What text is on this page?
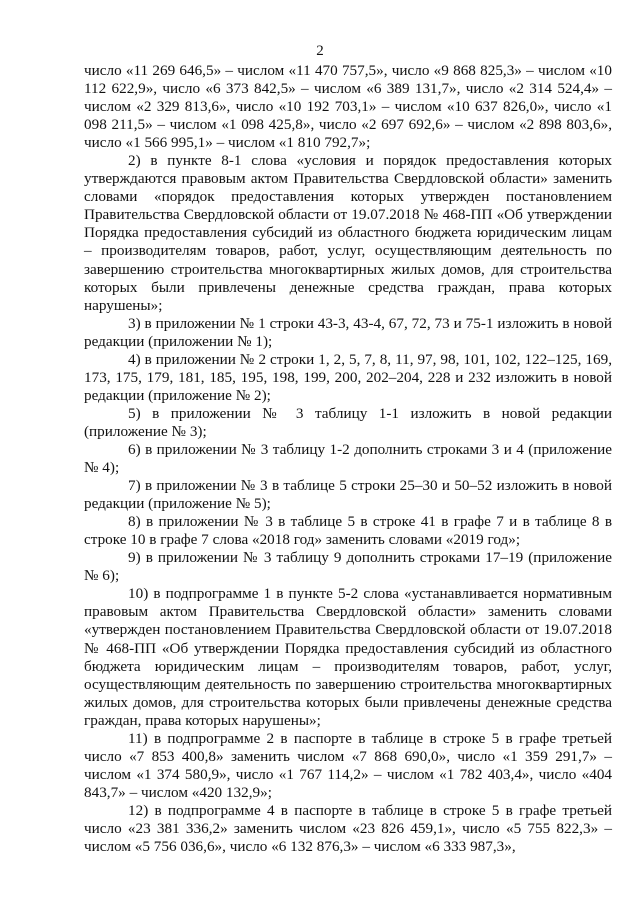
2

число «11 269 646,5» – числом «11 470 757,5», число «9 868 825,3» – числом «10 112 622,9», число «6 373 842,5» – числом «6 389 131,7», число «2 314 524,4» – числом «2 329 813,6», число «10 192 703,1» – числом «10 637 826,0», число «1 098 211,5» – числом «1 098 425,8», число «2 697 692,6» – числом «2 898 803,6», число «1 566 995,1» – числом «1 810 792,7»;

2) в пункте 8-1 слова «условия и порядок предоставления которых утверждаются правовым актом Правительства Свердловской области» заменить словами «порядок предоставления которых утвержден постановлением Правительства Свердловской области от 19.07.2018 № 468-ПП «Об утверждении Порядка предоставления субсидий из областного бюджета юридическим лицам – производителям товаров, работ, услуг, осуществляющим деятельность по завершению строительства многоквартирных жилых домов, для строительства которых были привлечены денежные средства граждан, права которых нарушены»;

3) в приложении № 1 строки 43-3, 43-4, 67, 72, 73 и 75-1 изложить в новой редакции (приложении № 1);

4) в приложении № 2 строки 1, 2, 5, 7, 8, 11, 97, 98, 101, 102, 122–125, 169, 173, 175, 179, 181, 185, 195, 198, 199, 200, 202–204, 228 и 232 изложить в новой редакции (приложение № 2);

5) в приложении № 3 таблицу 1-1 изложить в новой редакции (приложение № 3);

6) в приложении № 3 таблицу 1-2 дополнить строками 3 и 4 (приложение № 4);

7) в приложении № 3 в таблице 5 строки 25–30 и 50–52 изложить в новой редакции (приложение № 5);

8) в приложении № 3 в таблице 5 в строке 41 в графе 7 и в таблице 8 в строке 10 в графе 7 слова «2018 год» заменить словами «2019 год»;

9) в приложении № 3 таблицу 9 дополнить строками 17–19 (приложение № 6);

10) в подпрограмме 1 в пункте 5-2 слова «устанавливается нормативным правовым актом Правительства Свердловской области» заменить словами «утвержден постановлением Правительства Свердловской области от 19.07.2018 № 468-ПП «Об утверждении Порядка предоставления субсидий из областного бюджета юридическим лицам – производителям товаров, работ, услуг, осуществляющим деятельность по завершению строительства многоквартирных жилых домов, для строительства которых были привлечены денежные средства граждан, права которых нарушены»;

11) в подпрограмме 2 в паспорте в таблице в строке 5 в графе третьей число «7 853 400,8» заменить числом «7 868 690,0», число «1 359 291,7» – числом «1 374 580,9», число «1 767 114,2» – числом «1 782 403,4», число «404 843,7» – числом «420 132,9»;

12) в подпрограмме 4 в паспорте в таблице в строке 5 в графе третьей число «23 381 336,2» заменить числом «23 826 459,1», число «5 755 822,3» – числом «5 756 036,6», число «6 132 876,3» – числом «6 333 987,3»,
